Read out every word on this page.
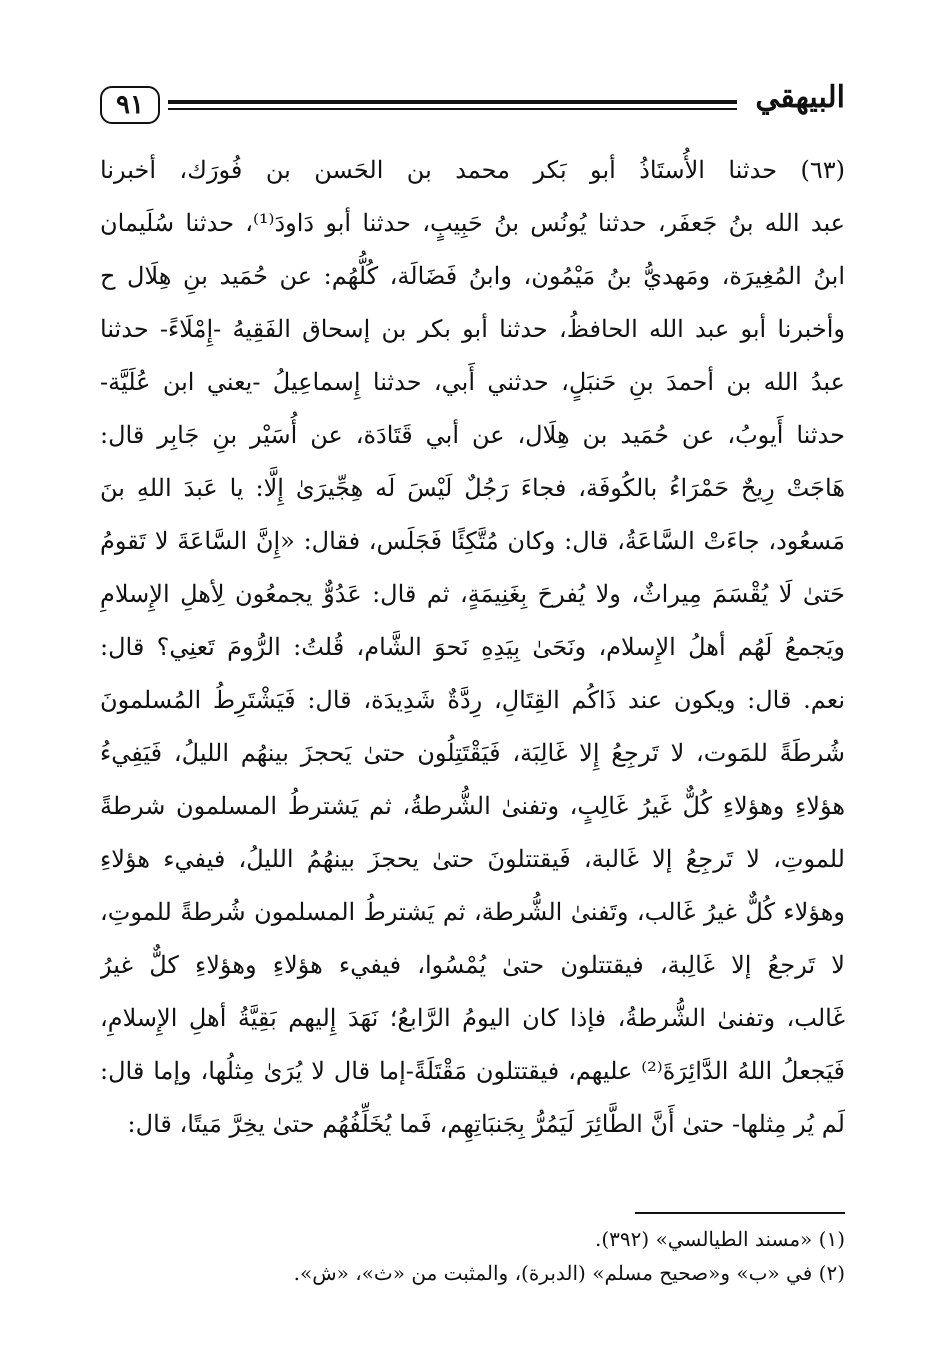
٩١	البيهقي
(٦٣) حدثنا الأُستَاذُ أبو بَكر محمد بن الحَسن بن فُورَك، أخبرنا
عبد الله بنُ جَعفَر، حدثنا يُونُس بنُ حَبِيبٍ، حدثنا أبو دَاودَ⁽¹⁾، حدثنا سُلَيمان
ابنُ المُغِيرَة، ومَهديُّ بنُ مَيْمُون، وابنُ فَضَالَة، كُلُّهُم: عن حُمَيد بنِ هِلَال ح
وأخبرنا أبو عبد الله الحافظُ، حدثنا أبو بكر بن إسحاق الفَقِيهُ -إِمْلَاءً- حدثنا
عبدُ الله بن أحمدَ بنِ حَنبَلٍ، حدثني أَبي، حدثنا إِسماعِيلُ -يعني ابن عُلَيَّة-
حدثنا أَيوبُ، عن حُمَيد بن هِلَال، عن أبي قَتَادَة، عن أُسَيْر بنِ جَابِر قال:
هَاجَتْ رِيحٌ حَمْرَاءُ بالكُوفَة، فجاءَ رَجُلٌ لَيْسَ لَه هِجِّيرَىٰ إِلَّا: يا عَبدَ اللهِ بنَ
مَسعُود، جاءَتْ السَّاعَةُ، قال: وكان مُتَّكِئًا فَجَلَس، فقال: «إِنَّ السَّاعَةَ لا تَقومُ
حَتىٰ لَا يُقْسَمَ مِيراثٌ، ولا يُفرحَ بِغَنِيمَةٍ، ثم قال: عَدُوٌّ يجمعُون لِأهلِ الإِسلامِ
ويَجمعُ لَهُم أهلُ الإِسلام، ونَحَىٰ بِيَدِهِ نَحوَ الشَّام، قُلتُ: الرُّومَ تَعنِي؟ قال:
نعم. قال: ويكون عند ذَاكُم القِتَالِ، رِدَّةٌ شَدِيدَة، قال: فَيَشْتَرِطُ المُسلمونَ
شُرطَةً للمَوت، لا تَرجِعُ إِلا غَالِبَة، فَيَقْتَتِلُون حتىٰ يَحجزَ بينهُم الليلُ، فَيَفِيءُ
هؤلاءِ وهؤلاءِ كُلٌّ غَيرُ غَالِبٍ، وتفنىٰ الشُّرطةُ، ثم يَشترطُ المسلمون شرطةً
للموتِ، لا تَرجِعُ إلا غَالبة، فَيقتتلونَ حتىٰ يحجزَ بينهُمُ الليلُ، فيفيء هؤلاءِ
وهؤلاء كُلٌّ غيرُ غَالب، وتَفنىٰ الشُّرطة، ثم يَشترطُ المسلمون شُرطةً للموتِ،
لا تَرجعُ إلا غَالِبة، فيقتتلون حتىٰ يُمْسُوا، فيفيء هؤلاءِ وهؤلاءِ كلٌّ غيرُ
غَالب، وتفنىٰ الشُّرطةُ، فإذا كان اليومُ الرَّابعُ؛ نَهَدَ إِليهم بَقِيَّةُ أهلِ الإِسلامِ،
فَيَجعلُ اللهُ الدَّائِرَةَ⁽²⁾ عليهم، فيقتتلون مَقْتَلَةً-إما قال لا يُرَىٰ مِثلُها، وإما قال:
لَم يُر مِثلها- حتىٰ أَنَّ الطَّائِرَ لَيَمُرُّ بِجَنبَاتِهِم، فَما يُخَلِّفُهُم حتىٰ يخِرَّ مَيتًا، قال:
(١) «مسند الطيالسي» (٣٩٢).
(٢) في «ب» و«صحيح مسلم» (الدبرة)، والمثبت من «ث»، «ش».
